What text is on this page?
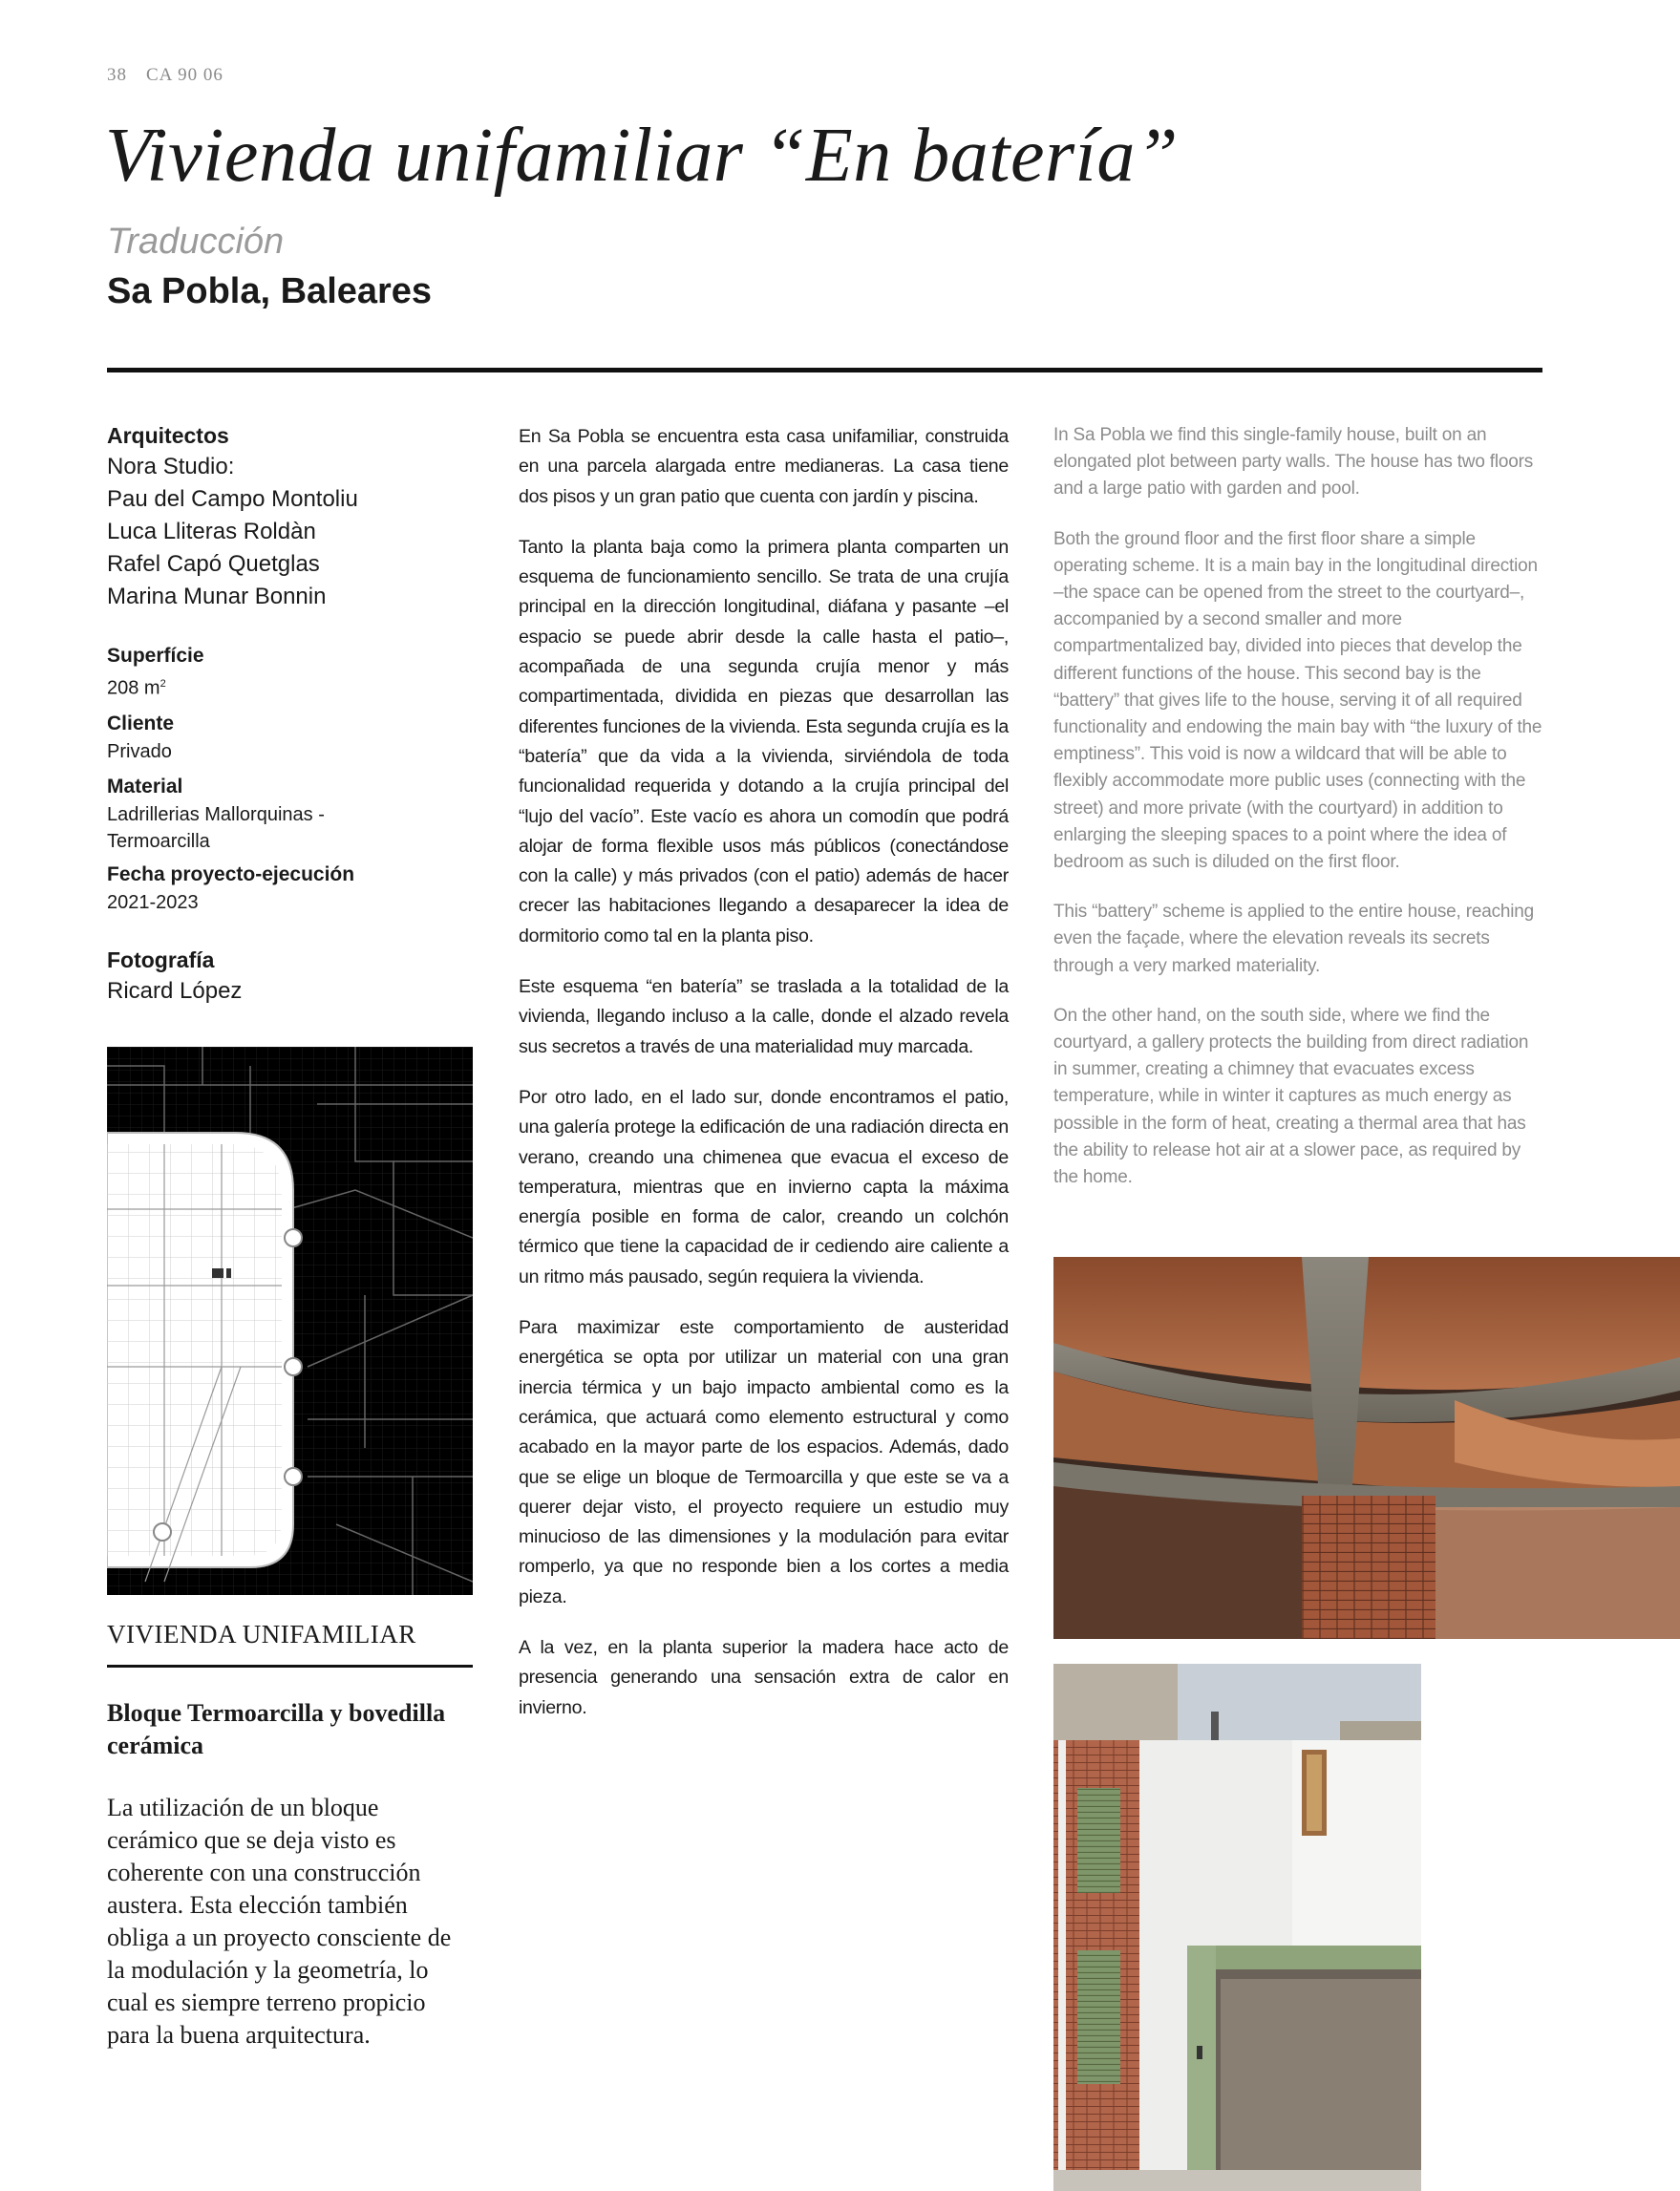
38 CA 90 06
Vivienda unifamiliar “En batería”
Traducción
Sa Pobla, Baleares

Arquitectos

Nora Studio:

Pau del Campo Montoliu

Luca Lliteras Roldàn

Rafel Capó Quetglas

Marina Munar Bonnin

Superfície

208 $m^2$

Cliente

Privado

Material

Ladrillerias Mallorquinas -

Termoarcilla

Fecha proyecto-ejecución

2021-2023

Fotografía

Ricard López

VIVIENDA UNIFAMILIAR
Bloque Termoarcilla y bovedilla cerámica
La utilización de un bloque cerámico que se deja visto es coherente con una construcción austera. Esta elección también obliga a un proyecto consciente de la modulación y la geometría, lo cual es siempre terreno propicio para la buena arquitectura.

En Sa Pobla se encuentra esta casa unifamiliar, construida en una parcela alargada entre medianeras. La casa tiene dos pisos y un gran patio que cuenta con jardín y piscina.

Tanto la planta baja como la primera planta comparten un esquema de funcionamiento sencillo. Se trata de una crujía principal en la dirección longitudinal, diáfana y pasante –el espacio se puede abrir desde la calle hasta el patio–, acompañada de una segunda crujía menor y más compartimentada, dividida en piezas que desarrollan las diferentes funciones de la vivienda. Esta segunda crujía es la “batería” que da vida a la vivienda, sirviéndola de toda funcionalidad requerida y dotando a la crujía principal del “lujo del vacío”. Este vacío es ahora un comodín que podrá alojar de forma flexible usos más públicos (conectándose con la calle) y más privados (con el patio) además de hacer crecer las habitaciones llegando a desaparecer la idea de dormitorio como tal en la planta piso.

Este esquema “en batería” se traslada a la totalidad de la vivienda, llegando incluso a la calle, donde el alzado revela sus secretos a través de una materialidad muy marcada.

Por otro lado, en el lado sur, donde encontramos el patio, una galería protege la edificación de una radiación directa en verano, creando una chimenea que evacua el exceso de temperatura, mientras que en invierno capta la máxima energía posible en forma de calor, creando un colchón térmico que tiene la capacidad de ir cediendo aire caliente a un ritmo más pausado, según requiera la vivienda.

Para maximizar este comportamiento de austeridad energética se opta por utilizar un material con una gran inercia térmica y un bajo impacto ambiental como es la cerámica, que actuará como elemento estructural y como acabado en la mayor parte de los espacios. Además, dado que se elige un bloque de Termoarcilla y que este se va a querer dejar visto, el proyecto requiere un estudio muy minucioso de las dimensiones y la modulación para evitar romperlo, ya que no responde bien a los cortes a media pieza.

A la vez, en la planta superior la madera hace acto de presencia generando una sensación extra de calor en invierno.

In Sa Pobla we find this single-family house, built on an elongated plot between party walls. The house has two floors and a large patio with garden and pool.

Both the ground floor and the first floor share a simple operating scheme. It is a main bay in the longitudinal direction –the space can be opened from the street to the courtyard–, accompanied by a second smaller and more compartmentalized bay, divided into pieces that develop the different functions of the house. This second bay is the “battery” that gives life to the house, serving it of all required functionality and endowing the main bay with “the luxury of the emptiness”. This void is now a wildcard that will be able to flexibly accommodate more public uses (connecting with the street) and more private (with the courtyard) in addition to enlarging the sleeping spaces to a point where the idea of bedroom as such is diluded on the first floor.

This “battery” scheme is applied to the entire house, reaching even the façade, where the elevation reveals its secrets through a very marked materiality.

On the other hand, on the south side, where we find the courtyard, a gallery protects the building from direct radiation in summer, creating a chimney that evacuates excess temperature, while in winter it captures as much energy as possible in the form of heat, creating a thermal area that has the ability to release hot air at a slower pace, as required by the home.
